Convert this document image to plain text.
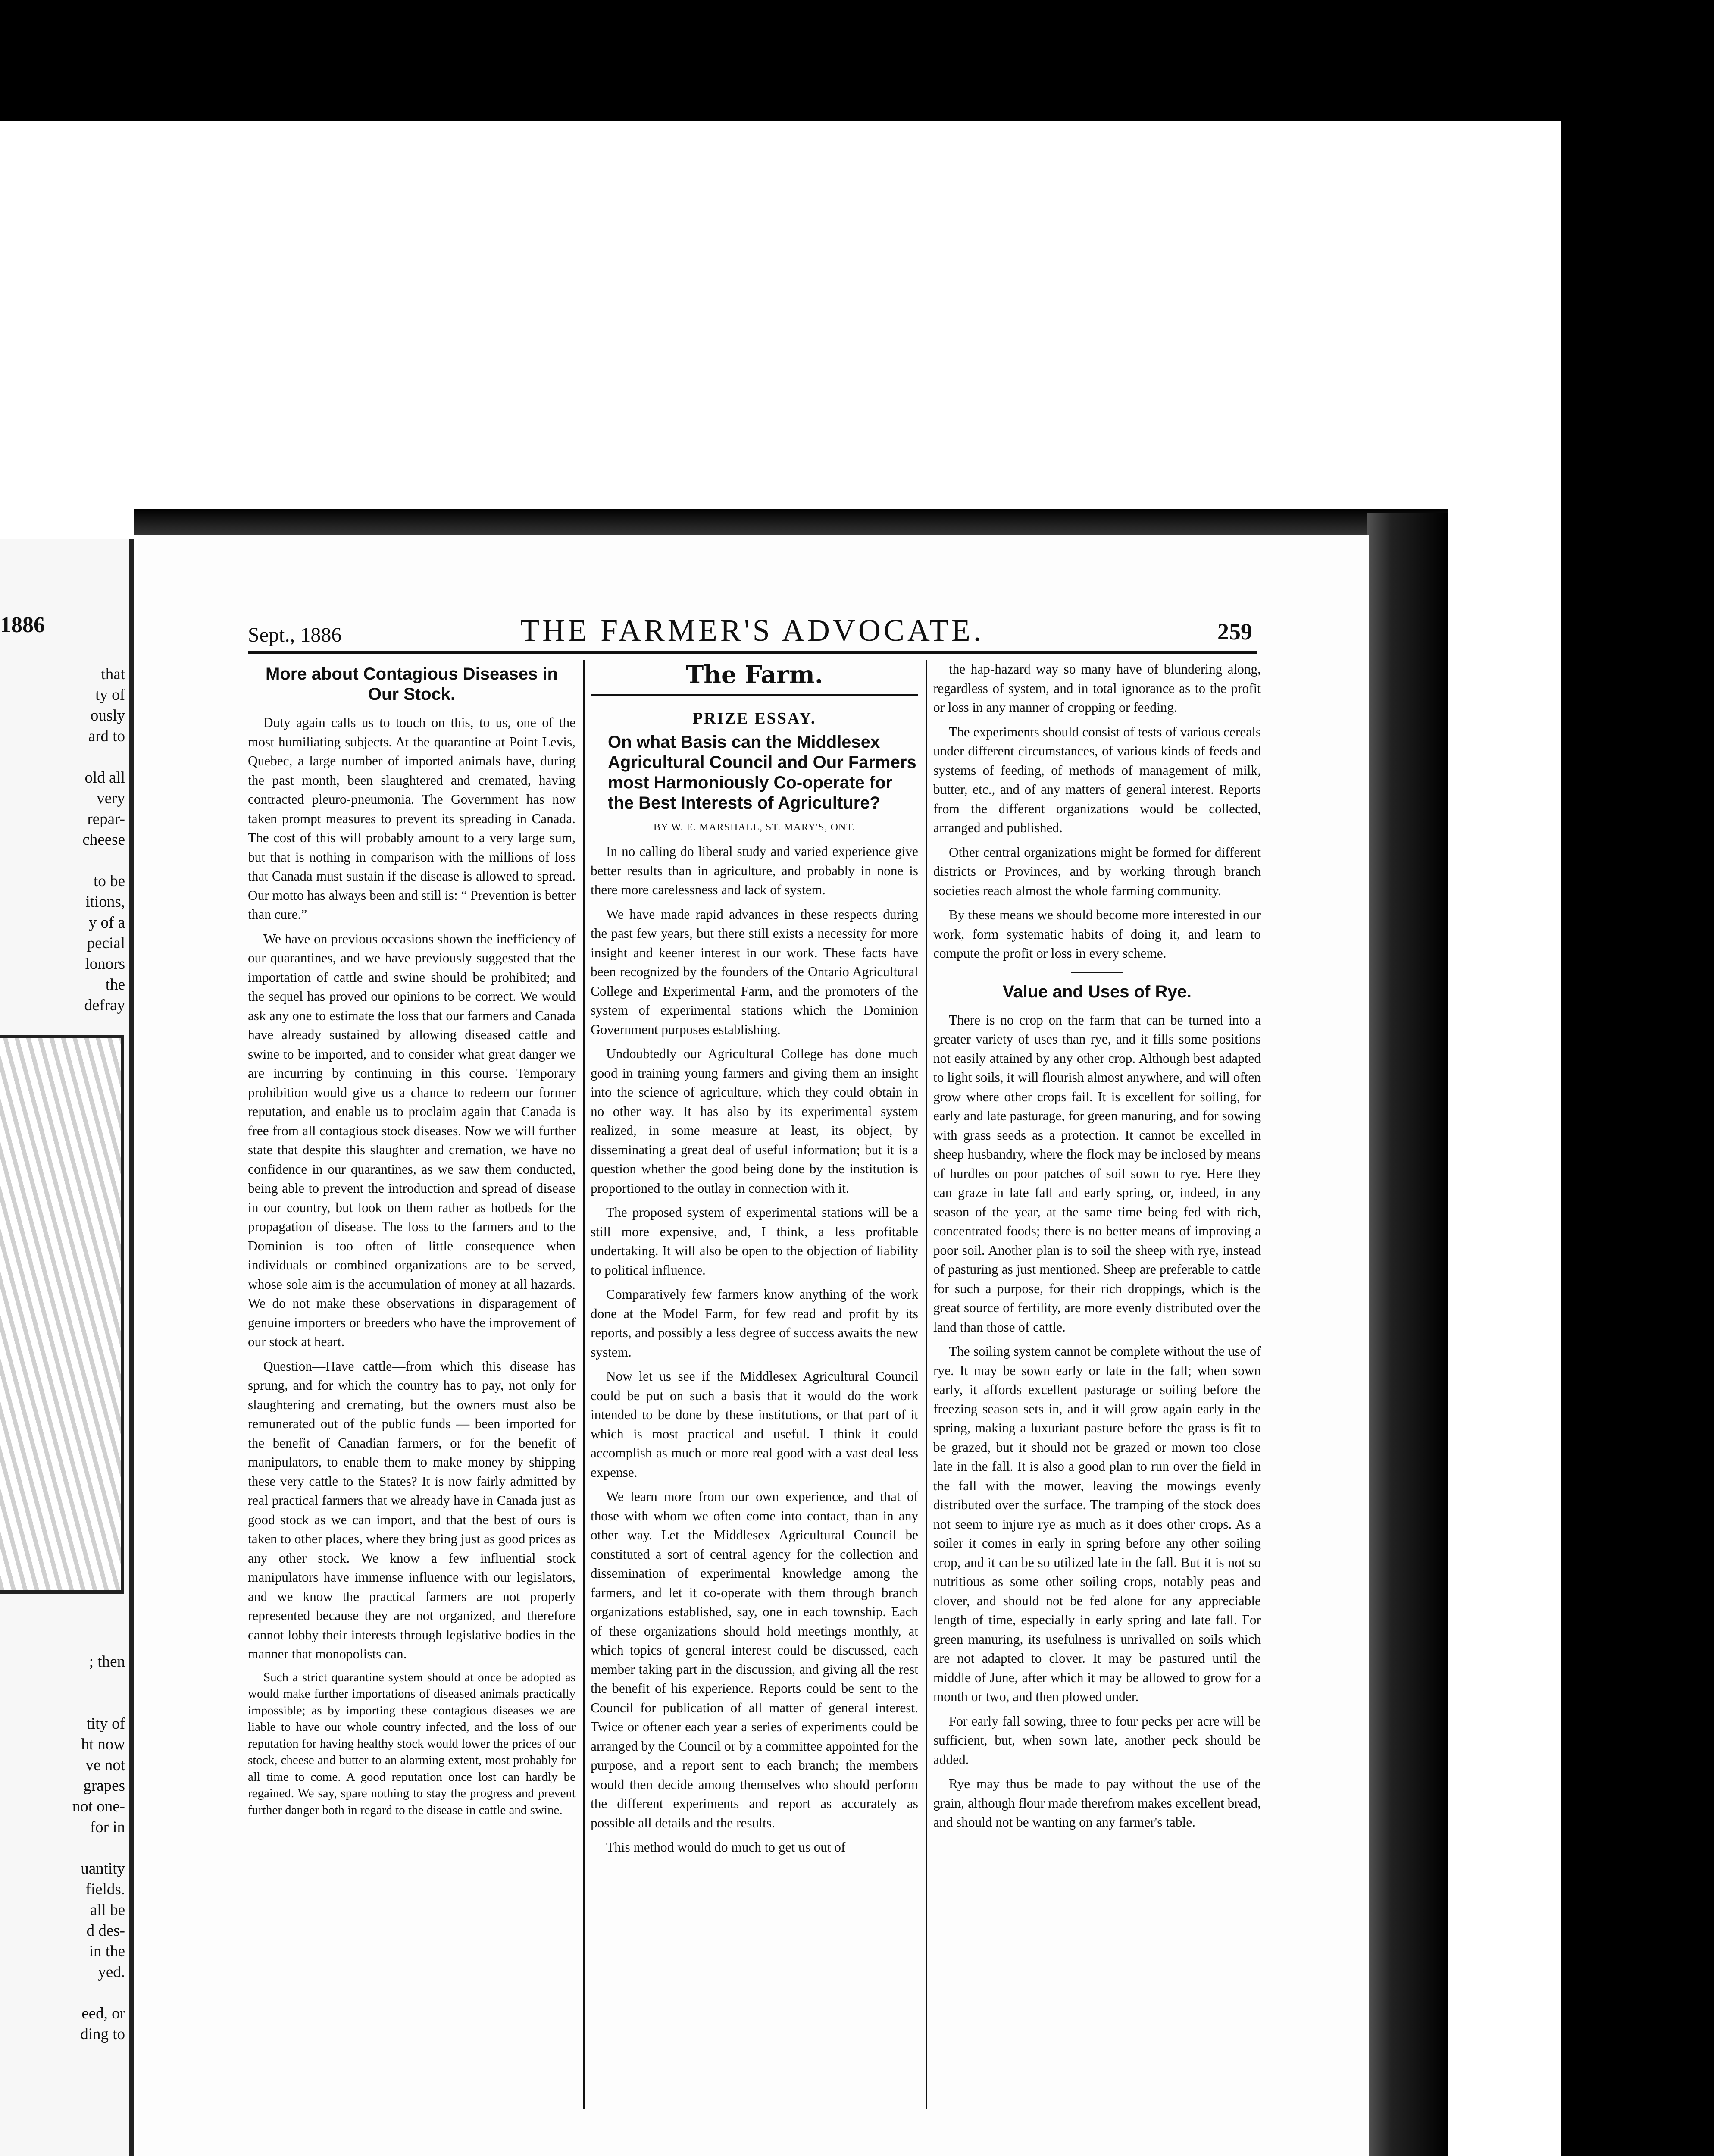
1886
that
ty of
ously
ard to
old all
very
repar-
cheese
to be
itions,
y of a
pecial
lonors
the
defray
; then
tity of
ht now
ve not
grapes
not one-
for in
uantity
fields.
all be
d des-
in the
yed.
eed, or
ding to
Sept., 1886	THE FARMER'S ADVOCATE.	259
More about Contagious Diseases in Our Stock.

Duty again calls us to touch on this, to us, one of the most humiliating subjects. At the quarantine at Point Levis, Quebec, a large number of imported animals have, during the past month, been slaughtered and cremated, having contracted pleuro-pneumonia. The Government has now taken prompt measures to prevent its spreading in Canada. The cost of this will probably amount to a very large sum, but that is nothing in comparison with the millions of loss that Canada must sustain if the disease is allowed to spread. Our motto has always been and still is: “ Prevention is better than cure.”

We have on previous occasions shown the inefficiency of our quarantines, and we have previously suggested that the importation of cattle and swine should be prohibited; and the sequel has proved our opinions to be correct. We would ask any one to estimate the loss that our farmers and Canada have already sustained by allowing diseased cattle and swine to be imported, and to consider what great danger we are incurring by continuing in this course. Temporary prohibition would give us a chance to redeem our former reputation, and enable us to proclaim again that Canada is free from all contagious stock diseases. Now we will further state that despite this slaughter and cremation, we have no confidence in our quarantines, as we saw them conducted, being able to prevent the introduction and spread of disease in our country, but look on them rather as hotbeds for the propagation of disease. The loss to the farmers and to the Dominion is too often of little consequence when individuals or combined organizations are to be served, whose sole aim is the accumulation of money at all hazards. We do not make these observations in disparagement of genuine importers or breeders who have the improvement of our stock at heart.

Question—Have cattle—from which this disease has sprung, and for which the country has to pay, not only for slaughtering and cremating, but the owners must also be remunerated out of the public funds — been imported for the benefit of Canadian farmers, or for the benefit of manipulators, to enable them to make money by shipping these very cattle to the States? It is now fairly admitted by real practical farmers that we already have in Canada just as good stock as we can import, and that the best of ours is taken to other places, where they bring just as good prices as any other stock. We know a few influential stock manipulators have immense influence with our legislators, and we know the practical farmers are not properly represented because they are not organized, and therefore cannot lobby their interests through legislative bodies in the manner that monopolists can.

Such a strict quarantine system should at once be adopted as would make further importations of diseased animals practically impossible; as by importing these contagious diseases we are liable to have our whole country infected, and the loss of our reputation for having healthy stock would lower the prices of our stock, cheese and butter to an alarming extent, most probably for all time to come. A good reputation once lost can hardly be regained. We say, spare nothing to stay the progress and prevent further danger both in regard to the disease in cattle and swine.

The Farm.
PRIZE ESSAY.
On what Basis can the Middlesex Agricultural Council and Our Farmers most Harmoniously Co-operate for the Best Interests of Agriculture?
BY W. E. MARSHALL, ST. MARY'S, ONT.

In no calling do liberal study and varied experience give better results than in agriculture, and probably in none is there more carelessness and lack of system.

We have made rapid advances in these respects during the past few years, but there still exists a necessity for more insight and keener interest in our work. These facts have been recognized by the founders of the Ontario Agricultural College and Experimental Farm, and the promoters of the system of experimental stations which the Dominion Government purposes establishing.

Undoubtedly our Agricultural College has done much good in training young farmers and giving them an insight into the science of agriculture, which they could obtain in no other way. It has also by its experimental system realized, in some measure at least, its object, by disseminating a great deal of useful information; but it is a question whether the good being done by the institution is proportioned to the outlay in connection with it.

The proposed system of experimental stations will be a still more expensive, and, I think, a less profitable undertaking. It will also be open to the objection of liability to political influence.

Comparatively few farmers know anything of the work done at the Model Farm, for few read and profit by its reports, and possibly a less degree of success awaits the new system.

Now let us see if the Middlesex Agricultural Council could be put on such a basis that it would do the work intended to be done by these institutions, or that part of it which is most practical and useful. I think it could accomplish as much or more real good with a vast deal less expense.

We learn more from our own experience, and that of those with whom we often come into contact, than in any other way. Let the Middlesex Agricultural Council be constituted a sort of central agency for the collection and dissemination of experimental knowledge among the farmers, and let it co-operate with them through branch organizations established, say, one in each township. Each of these organizations should hold meetings monthly, at which topics of general interest could be discussed, each member taking part in the discussion, and giving all the rest the benefit of his experience. Reports could be sent to the Council for publication of all matter of general interest. Twice or oftener each year a series of experiments could be arranged by the Council or by a committee appointed for the purpose, and a report sent to each branch; the members would then decide among themselves who should perform the different experiments and report as accurately as possible all details and the results.

This method would do much to get us out of

the hap-hazard way so many have of blundering along, regardless of system, and in total ignorance as to the profit or loss in any manner of cropping or feeding.

The experiments should consist of tests of various cereals under different circumstances, of various kinds of feeds and systems of feeding, of methods of management of milk, butter, etc., and of any matters of general interest. Reports from the different organizations would be collected, arranged and published.

Other central organizations might be formed for different districts or Provinces, and by working through branch societies reach almost the whole farming community.

By these means we should become more interested in our work, form systematic habits of doing it, and learn to compute the profit or loss in every scheme.

Value and Uses of Rye.

There is no crop on the farm that can be turned into a greater variety of uses than rye, and it fills some positions not easily attained by any other crop. Although best adapted to light soils, it will flourish almost anywhere, and will often grow where other crops fail. It is excellent for soiling, for early and late pasturage, for green manuring, and for sowing with grass seeds as a protection. It cannot be excelled in sheep husbandry, where the flock may be inclosed by means of hurdles on poor patches of soil sown to rye. Here they can graze in late fall and early spring, or, indeed, in any season of the year, at the same time being fed with rich, concentrated foods; there is no better means of improving a poor soil. Another plan is to soil the sheep with rye, instead of pasturing as just mentioned. Sheep are preferable to cattle for such a purpose, for their rich droppings, which is the great source of fertility, are more evenly distributed over the land than those of cattle.

The soiling system cannot be complete without the use of rye. It may be sown early or late in the fall; when sown early, it affords excellent pasturage or soiling before the freezing season sets in, and it will grow again early in the spring, making a luxuriant pasture before the grass is fit to be grazed, but it should not be grazed or mown too close late in the fall. It is also a good plan to run over the field in the fall with the mower, leaving the mowings evenly distributed over the surface. The tramping of the stock does not seem to injure rye as much as it does other crops. As a soiler it comes in early in spring before any other soiling crop, and it can be so utilized late in the fall. But it is not so nutritious as some other soiling crops, notably peas and clover, and should not be fed alone for any appreciable length of time, especially in early spring and late fall. For green manuring, its usefulness is unrivalled on soils which are not adapted to clover. It may be pastured until the middle of June, after which it may be allowed to grow for a month or two, and then plowed under.

For early fall sowing, three to four pecks per acre will be sufficient, but, when sown late, another peck should be added.

Rye may thus be made to pay without the use of the grain, although flour made therefrom makes excellent bread, and should not be wanting on any farmer's table.
